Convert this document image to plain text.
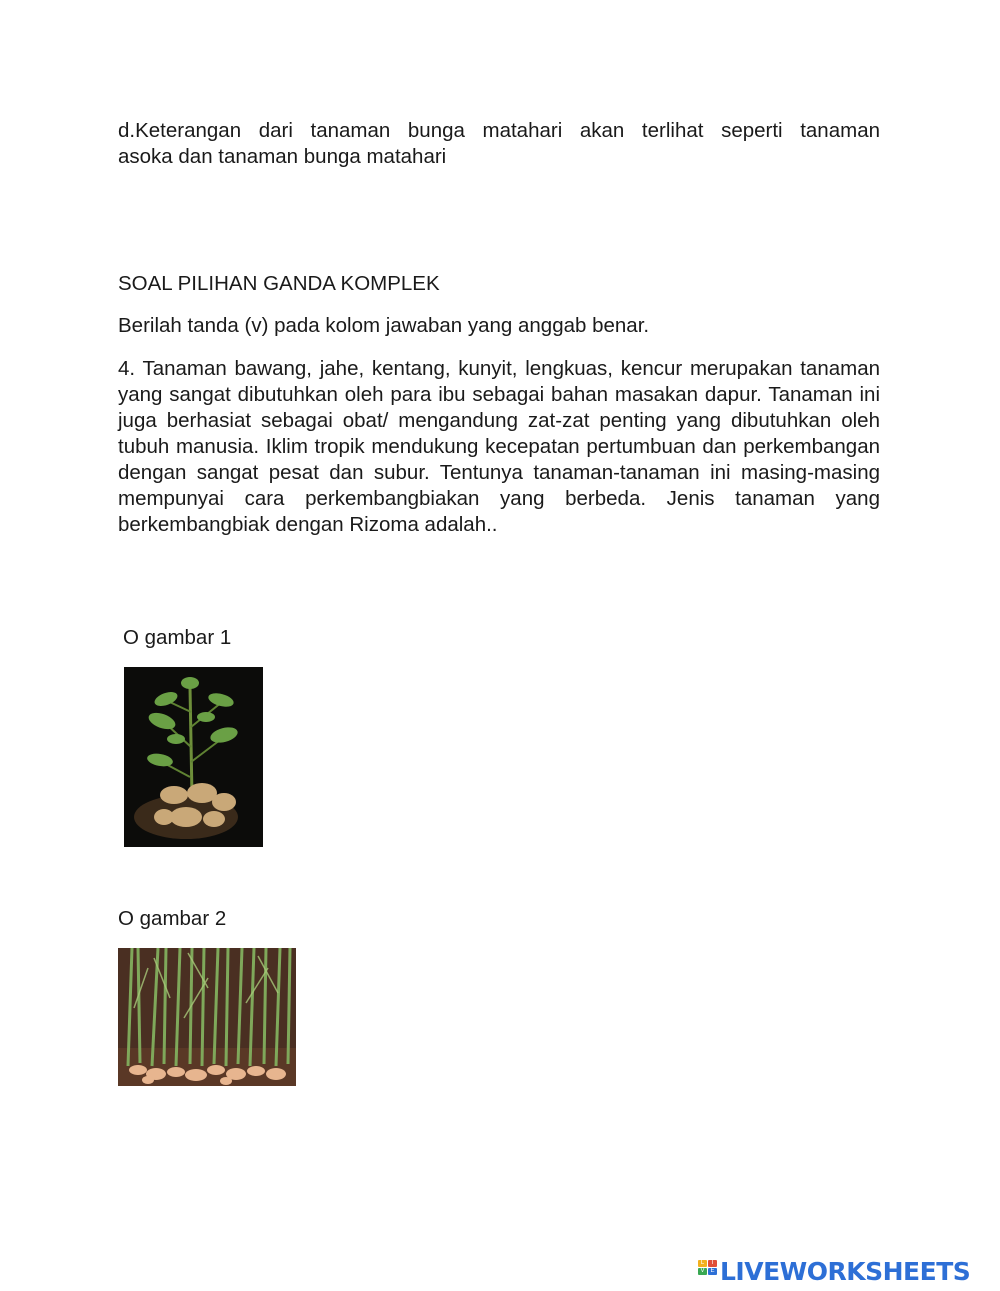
d.Keterangan dari tanaman bunga matahari akan terlihat seperti tanaman
asoka dan tanaman bunga matahari

SOAL PILIHAN GANDA KOMPLEK

Berilah tanda (v) pada kolom jawaban yang anggab benar.

4. Tanaman bawang, jahe, kentang, kunyit, lengkuas, kencur merupakan tanaman yang sangat dibutuhkan oleh para ibu sebagai bahan masakan dapur. Tanaman ini juga berhasiat sebagai obat/ mengandung zat-zat penting yang dibutuhkan oleh tubuh manusia. Iklim tropik mendukung kecepatan pertumbuan dan perkembangan dengan sangat pesat dan subur. Tentunya tanaman-tanaman ini masing-masing mempunyai cara perkembangbiakan yang berbeda. Jenis tanaman yang berkembangbiak dengan Rizoma adalah..

O gambar 1

O gambar 2

L	I
V E LIVEWORKSHEETS
